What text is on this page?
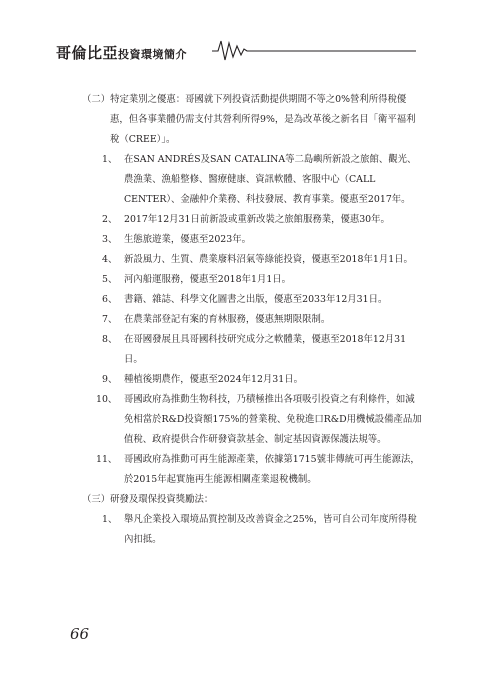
哥倫比亞投資環境簡介

（二）特定業別之優惠：哥國就下列投資活動提供期間不等之0%營利所得稅優惠，但各事業體仍需支付其營利所得9%，是為改革後之新名目「衛平福利稅（CREE）」。

1、 在SAN ANDRÉS及SAN CATALINA等二島嶼所新設之旅館、觀光、農漁業、漁船整修、醫療健康、資訊軟體、客服中心（CALL CENTER）、金融仲介業務、科技發展、教育事業。優惠至2017年。
2、 2017年12月31日前新設或重新改裝之旅館服務業，優惠30年。
3、 生態旅遊業，優惠至2023年。
4、 新設風力、生質、農業廢料沼氣等綠能投資，優惠至2018年1月1日。
5、 河內船運服務，優惠至2018年1月1日。
6、 書籍、雜誌、科學文化圖書之出版，優惠至2033年12月31日。
7、 在農業部登記有案的育林服務，優惠無期限限制。
8、 在哥國發展且具哥國科技研究成分之軟體業，優惠至2018年12月31日。
9、 種植後期農作，優惠至2024年12月31日。
10、 哥國政府為推動生物科技，乃積極推出各項吸引投資之有利條件，如減免相當於R&D投資額175%的營業稅、免稅進口R&D用機械設備產品加值稅、政府提供合作研發資款基金、制定基因資源保護法規等。
11、 哥國政府為推動可再生能源產業，依據第1715號非傳統可再生能源法，於2015年起實施再生能源相關產業退稅機制。

（三）研發及環保投資獎勵法：

1、 舉凡企業投入環境品質控制及改善資金之25%，皆可自公司年度所得稅內扣抵。
66
